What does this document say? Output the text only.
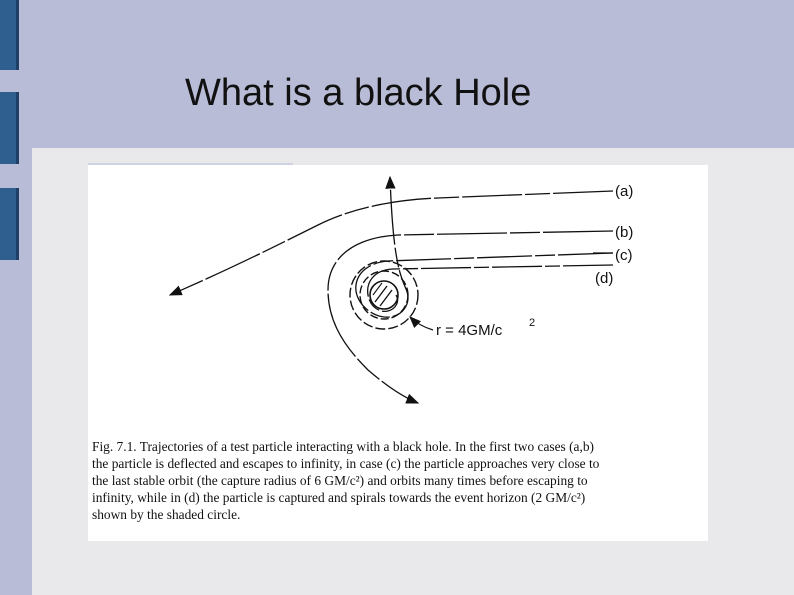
What is a black Hole
(a)
(b)
(c)
(d)
r = 4GM/c 2
Fig. 7.1. Trajectories of a test particle interacting with a black hole. In the first two cases (a,b)
the particle is deflected and escapes to infinity, in case (c) the particle approaches very close to
the last stable orbit (the capture radius of 6 GM/c²) and orbits many times before escaping to
infinity, while in (d) the particle is captured and spirals towards the event horizon (2 GM/c²)
shown by the shaded circle.
